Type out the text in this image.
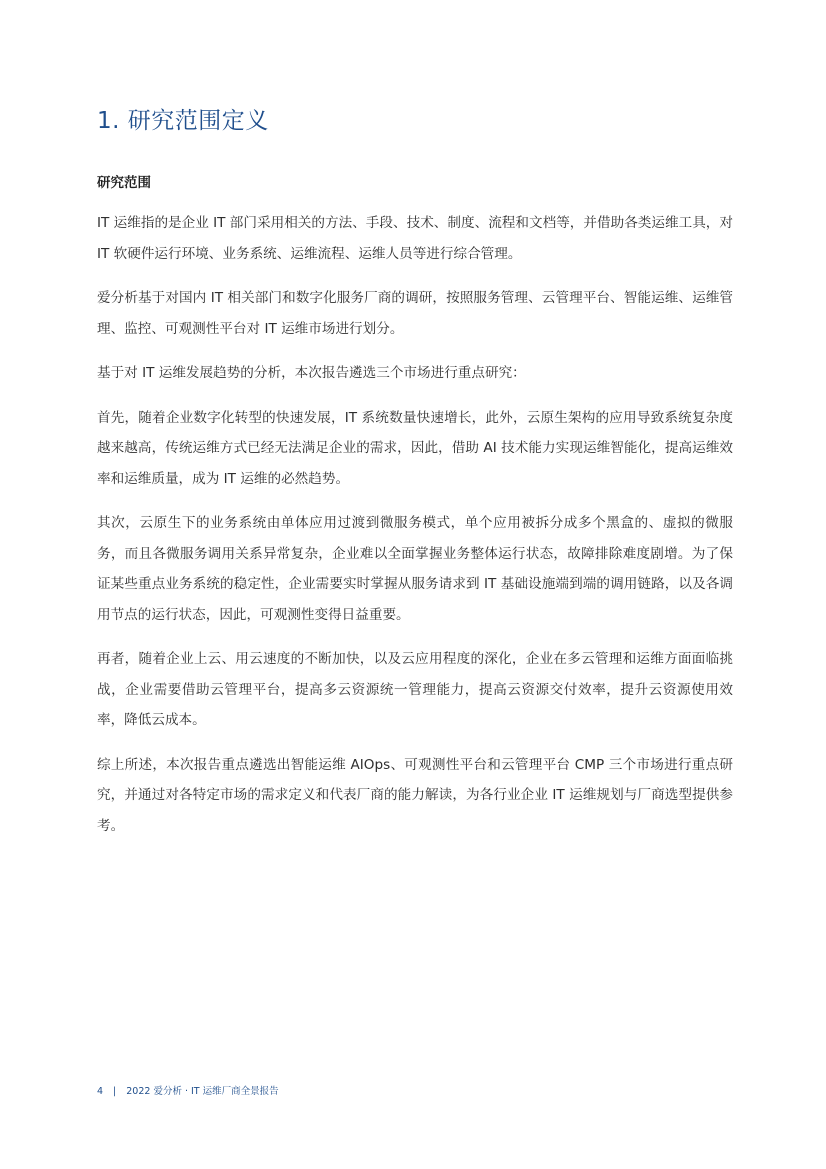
1. 研究范围定义
研究范围

IT 运维指的是企业 IT 部门采用相关的方法、手段、技术、制度、流程和文档等，并借助各类运维工具，对 IT 软硬件运行环境、业务系统、运维流程、运维人员等进行综合管理。

爱分析基于对国内 IT 相关部门和数字化服务厂商的调研，按照服务管理、云管理平台、智能运维、运维管理、监控、可观测性平台对 IT 运维市场进行划分。

基于对 IT 运维发展趋势的分析，本次报告遴选三个市场进行重点研究：

首先，随着企业数字化转型的快速发展，IT 系统数量快速增长，此外，云原生架构的应用导致系统复杂度越来越高，传统运维方式已经无法满足企业的需求，因此，借助 AI 技术能力实现运维智能化，提高运维效率和运维质量，成为 IT 运维的必然趋势。

其次，云原生下的业务系统由单体应用过渡到微服务模式，单个应用被拆分成多个黑盒的、虚拟的微服务，而且各微服务调用关系异常复杂，企业难以全面掌握业务整体运行状态，故障排除难度剧增。为了保证某些重点业务系统的稳定性，企业需要实时掌握从服务请求到 IT 基础设施端到端的调用链路，以及各调用节点的运行状态，因此，可观测性变得日益重要。

再者，随着企业上云、用云速度的不断加快，以及云应用程度的深化，企业在多云管理和运维方面面临挑战，企业需要借助云管理平台，提高多云资源统一管理能力，提高云资源交付效率，提升云资源使用效率，降低云成本。

综上所述，本次报告重点遴选出智能运维 AIOps、可观测性平台和云管理平台 CMP 三个市场进行重点研究，并通过对各特定市场的需求定义和代表厂商的能力解读，为各行业企业 IT 运维规划与厂商选型提供参考。

4 | 2022 爱分析 · IT 运维厂商全景报告
